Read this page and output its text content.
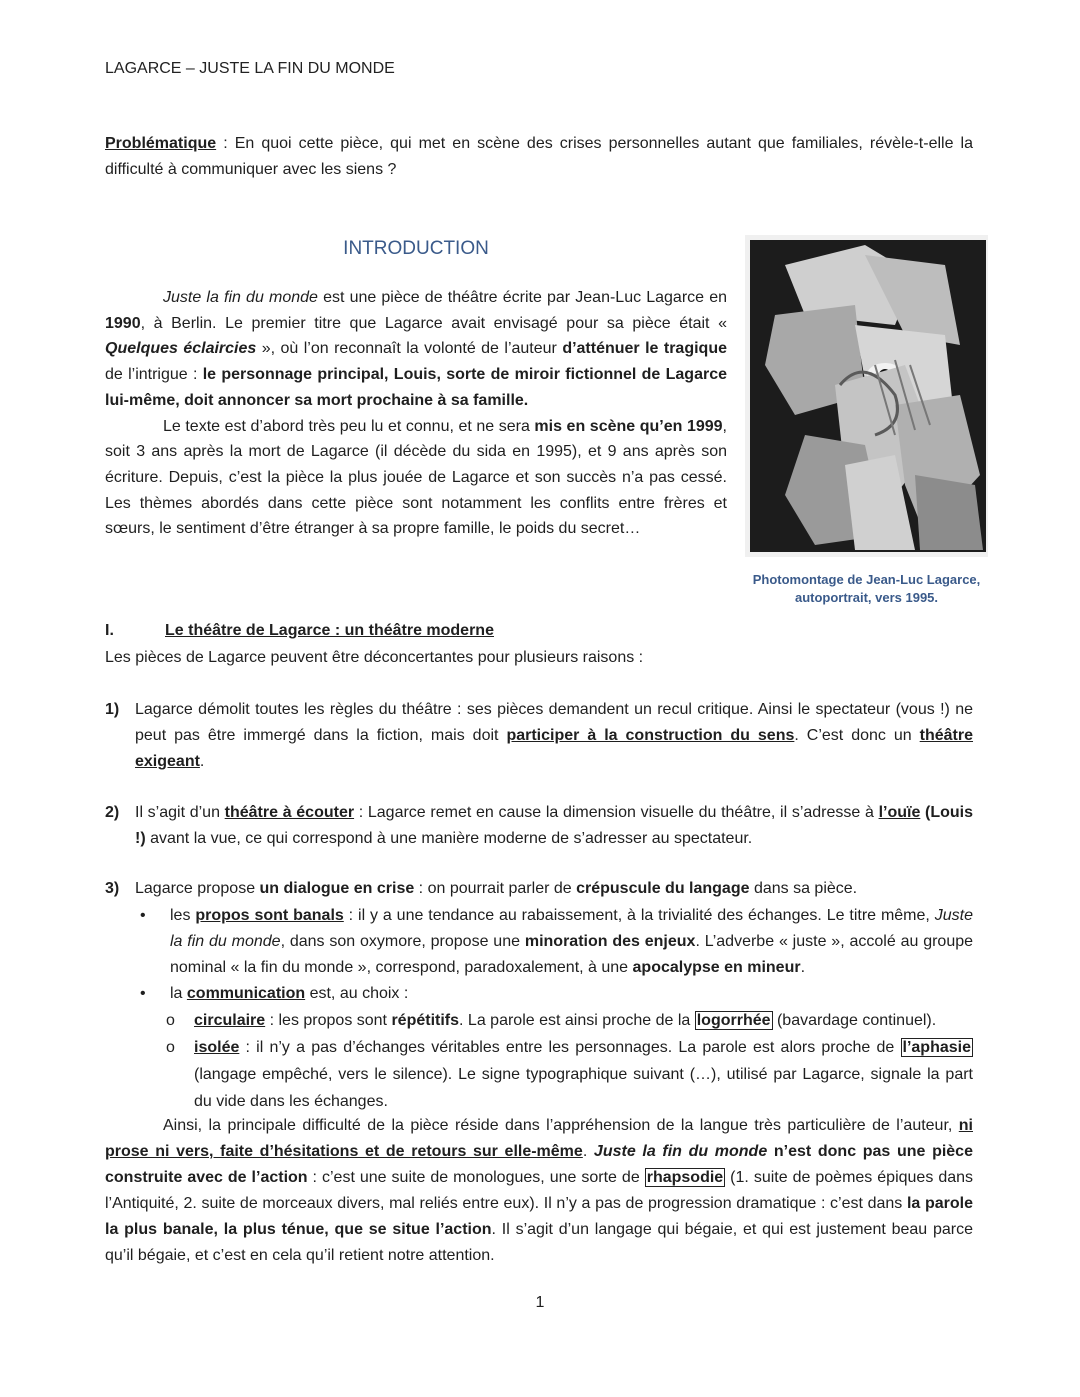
LAGARCE – JUSTE LA FIN DU MONDE
Problématique : En quoi cette pièce, qui met en scène des crises personnelles autant que familiales, révèle-t-elle la difficulté à communiquer avec les siens ?
INTRODUCTION

Juste la fin du monde est une pièce de théâtre écrite par Jean-Luc Lagarce en 1990, à Berlin. Le premier titre que Lagarce avait envisagé pour sa pièce était « Quelques éclaircies », où l’on reconnaît la volonté de l’auteur d’atténuer le tragique de l’intrigue : le personnage principal, Louis, sorte de miroir fictionnel de Lagarce lui-même, doit annoncer sa mort prochaine à sa famille.

Le texte est d’abord très peu lu et connu, et ne sera mis en scène qu’en 1999, soit 3 ans après la mort de Lagarce (il décède du sida en 1995), et 9 ans après son écriture. Depuis, c’est la pièce la plus jouée de Lagarce et son succès n’a pas cessé. Les thèmes abordés dans cette pièce sont notamment les conflits entre frères et sœurs, le sentiment d’être étranger à sa propre famille, le poids du secret…

Photomontage de Jean-Luc Lagarce, autoportrait, vers 1995.
I.	Le théâtre de Lagarce : un théâtre moderne
Les pièces de Lagarce peuvent être déconcertantes pour plusieurs raisons :
1) Lagarce démolit toutes les règles du théâtre : ses pièces demandent un recul critique. Ainsi le spectateur (vous !) ne peut pas être immergé dans la fiction, mais doit participer à la construction du sens. C’est donc un théâtre exigeant.
2) Il s’agit d’un théâtre à écouter : Lagarce remet en cause la dimension visuelle du théâtre, il s’adresse à l’ouïe (Louis !) avant la vue, ce qui correspond à une manière moderne de s’adresser au spectateur.
3) Lagarce propose un dialogue en crise : on pourrait parler de crépuscule du langage dans sa pièce.
• les propos sont banals : il y a une tendance au rabaissement, à la trivialité des échanges. Le titre même, Juste la fin du monde, dans son oxymore, propose une minoration des enjeux. L’adverbe « juste », accolé au groupe nominal « la fin du monde », correspond, paradoxalement, à une apocalypse en mineur.
• la communication est, au choix :
o circulaire : les propos sont répétitifs. La parole est ainsi proche de la logorrhée (bavardage continuel).
o isolée : il n’y a pas d’échanges véritables entre les personnages. La parole est alors proche de l’aphasie (langage empêché, vers le silence). Le signe typographique suivant (…), utilisé par Lagarce, signale la part du vide dans les échanges.
Ainsi, la principale difficulté de la pièce réside dans l’appréhension de la langue très particulière de l’auteur, ni prose ni vers, faite d’hésitations et de retours sur elle-même. Juste la fin du monde n’est donc pas une pièce construite avec de l’action : c’est une suite de monologues, une sorte de rhapsodie (1. suite de poèmes épiques dans l’Antiquité, 2. suite de morceaux divers, mal reliés entre eux). Il n’y a pas de progression dramatique : c’est dans la parole la plus banale, la plus ténue, que se situe l’action. Il s’agit d’un langage qui bégaie, et qui est justement beau parce qu’il bégaie, et c’est en cela qu’il retient notre attention.
1
